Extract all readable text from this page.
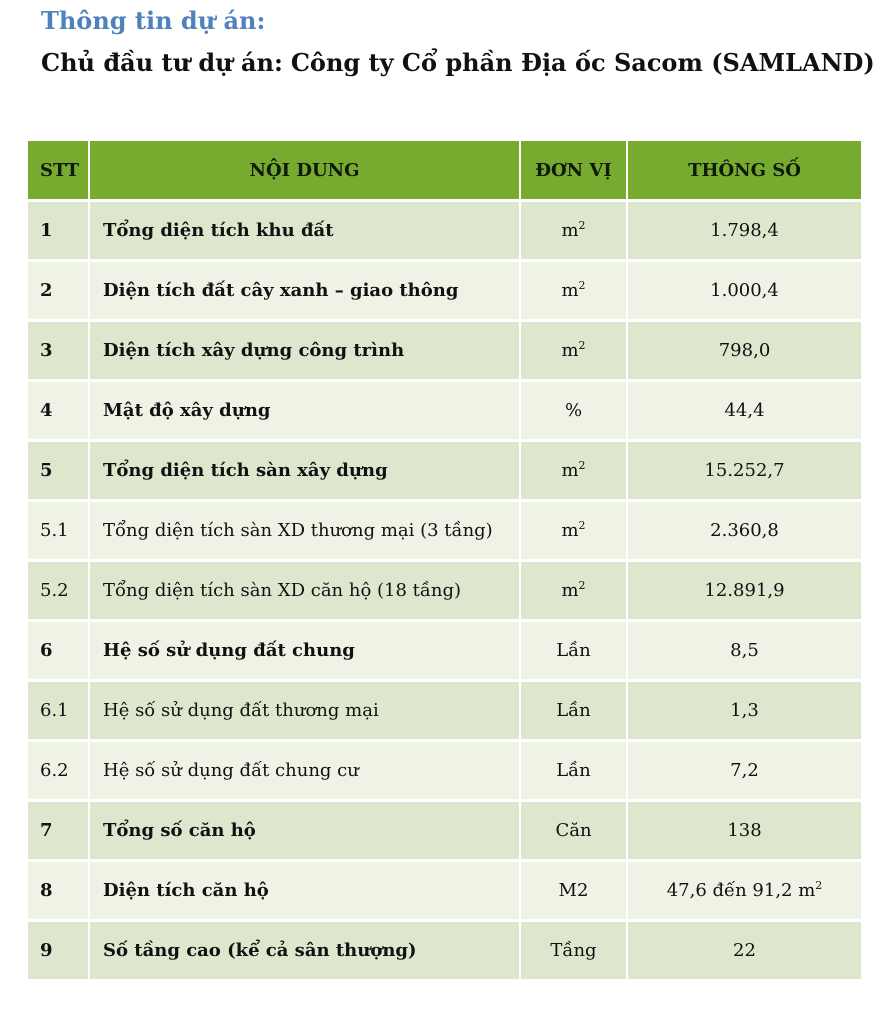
Thông tin dự án:
Chủ đầu tư dự án: Công ty Cổ phần Địa ốc Sacom (SAMLAND)
STT	NỘI DUNG	ĐƠN VỊ	THÔNG SỐ
1	Tổng diện tích khu đất	$m^2$	1.798,4
2	Diện tích đất cây xanh – giao thông	$m^2$	1.000,4
3	Diện tích xây dựng công trình	$m^2$	798,0
4	Mật độ xây dựng	%	44,4
5	Tổng diện tích sàn xây dựng	$m^2$	15.252,7
5.1	Tổng diện tích sàn XD thương mại (3 tầng)	$m^2$	2.360,8
5.2	Tổng diện tích sàn XD căn hộ (18 tầng)	$m^2$	12.891,9
6	Hệ số sử dụng đất chung	Lần	8,5
6.1	Hệ số sử dụng đất thương mại	Lần	1,3
6.2	Hệ số sử dụng đất chung cư	Lần	7,2
7	Tổng số căn hộ	Căn	138
8	Diện tích căn hộ	M2	47,6 đến 91,2 $m^2$
9	Số tầng cao (kể cả sân thượng)	Tầng	22
